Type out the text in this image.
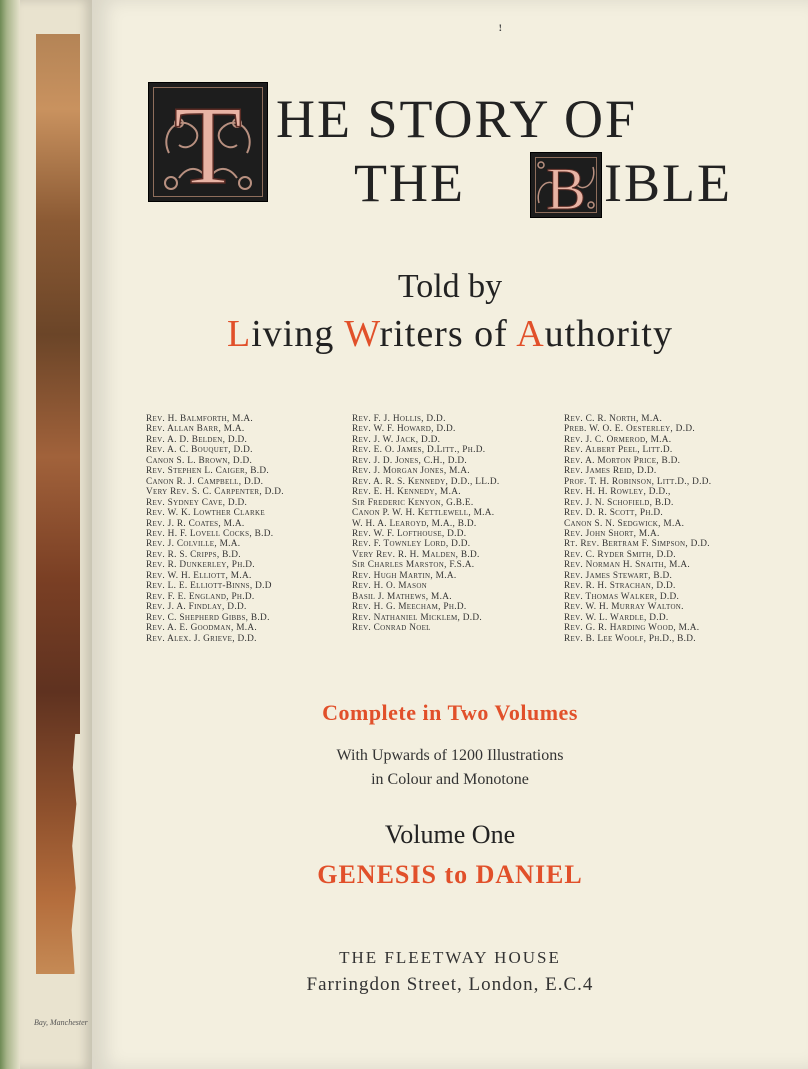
Bay, Manchester
ꜝ
T HE STORY OF
THE B IBLE
Told by
Living Writers of Authority
Rev. H. Balmforth, M.A.
Rev. Allan Barr, M.A.
Rev. A. D. Belden, D.D.
Rev. A. C. Bouquet, D.D.
Canon S. L. Brown, D.D.
Rev. Stephen L. Caiger, B.D.
Canon R. J. Campbell, D.D.
Very Rev. S. C. Carpenter, D.D.
Rev. Sydney Cave, D.D.
Rev. W. K. Lowther Clarke
Rev. J. R. Coates, M.A.
Rev. H. F. Lovell Cocks, B.D.
Rev. J. Colville, M.A.
Rev. R. S. Cripps, B.D.
Rev. R. Dunkerley, Ph.D.
Rev. W. H. Elliott, M.A.
Rev. L. E. Elliott-Binns, D.D
Rev. F. E. England, Ph.D.
Rev. J. A. Findlay, D.D.
Rev. C. Shepherd Gibbs, B.D.
Rev. A. E. Goodman, M.A.
Rev. Alex. J. Grieve, D.D.
Rev. F. J. Hollis, D.D.
Rev. W. F. Howard, D.D.
Rev. J. W. Jack, D.D.
Rev. E. O. James, D.Litt., Ph.D.
Rev. J. D. Jones, C.H., D.D.
Rev. J. Morgan Jones, M.A.
Rev. A. R. S. Kennedy, D.D., LL.D.
Rev. E. H. Kennedy, M.A.
Sir Frederic Kenyon, G.B.E.
Canon P. W. H. Kettlewell, M.A.
W. H. A. Learoyd, M.A., B.D.
Rev. W. F. Lofthouse, D.D.
Rev. F. Townley Lord, D.D.
Very Rev. R. H. Malden, B.D.
Sir Charles Marston, F.S.A.
Rev. Hugh Martin, M.A.
Rev. H. O. Mason
Basil J. Mathews, M.A.
Rev. H. G. Meecham, Ph.D.
Rev. Nathaniel Micklem, D.D.
Rev. Conrad Noel
Rev. C. R. North, M.A.
Preb. W. O. E. Oesterley, D.D.
Rev. J. C. Ormerod, M.A.
Rev. Albert Peel, Litt.D.
Rev. A. Morton Price, B.D.
Rev. James Reid, D.D.
Prof. T. H. Robinson, Litt.D., D.D.
Rev. H. H. Rowley, D.D.,
Rev. J. N. Schofield, B.D.
Rev. D. R. Scott, Ph.D.
Canon S. N. Sedgwick, M.A.
Rev. John Short, M.A.
Rt. Rev. Bertram F. Simpson, D.D.
Rev. C. Ryder Smith, D.D.
Rev. Norman H. Snaith, M.A.
Rev. James Stewart, B.D.
Rev. R. H. Strachan, D.D.
Rev. Thomas Walker, D.D.
Rev. W. H. Murray Walton.
Rev. W. L. Wardle, D.D.
Rev. G. R. Harding Wood, M.A.
Rev. B. Lee Woolf, Ph.D., B.D.
Complete in Two Volumes
With Upwards of 1200 Illustrations
in Colour and Monotone
Volume One
GENESIS to DANIEL
THE FLEETWAY HOUSE
Farringdon Street, London, E.C.4
